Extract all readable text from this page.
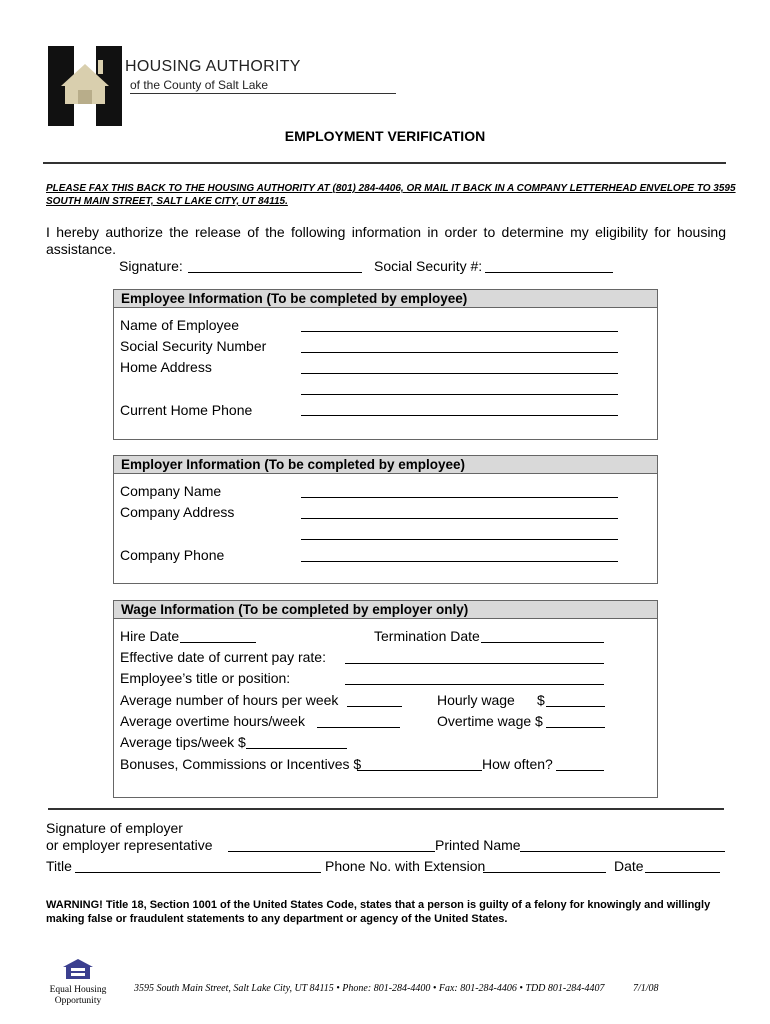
HOUSING AUTHORITY
of the County of Salt Lake
EMPLOYMENT VERIFICATION
PLEASE FAX THIS BACK TO THE HOUSING AUTHORITY AT (801) 284-4406, OR MAIL IT BACK IN A COMPANY LETTERHEAD ENVELOPE TO 3595 SOUTH MAIN STREET, SALT LAKE CITY, UT 84115.
I hereby authorize the release of the following information in order to determine my eligibility for housing assistance.
Signature:	Social Security #:
Employee Information (To be completed by employee)
Name of Employee
Social Security Number
Home Address
Current Home Phone
Employer Information (To be completed by employee)
Company Name
Company Address
Company Phone
Wage Information (To be completed by employer only)
Hire Date	Termination Date
Effective date of current pay rate:
Employee’s title or position:
Average number of hours per week	Hourly wage $
Average overtime hours/week	Overtime wage $
Average tips/week $
Bonuses, Commissions or Incentives $	How often?
Signature of employer
or employer representative	Printed Name
Title	Phone No. with Extension	Date
WARNING! Title 18, Section 1001 of the United States Code, states that a person is guilty of a felony for knowingly and willingly making false or fraudulent statements to any department or agency of the United States.
Equal Housing
Opportunity
3595 South Main Street, Salt Lake City, UT 84115 • Phone: 801-284-4400 • Fax: 801-284-4406 • TDD 801-284-4407	7/1/08
